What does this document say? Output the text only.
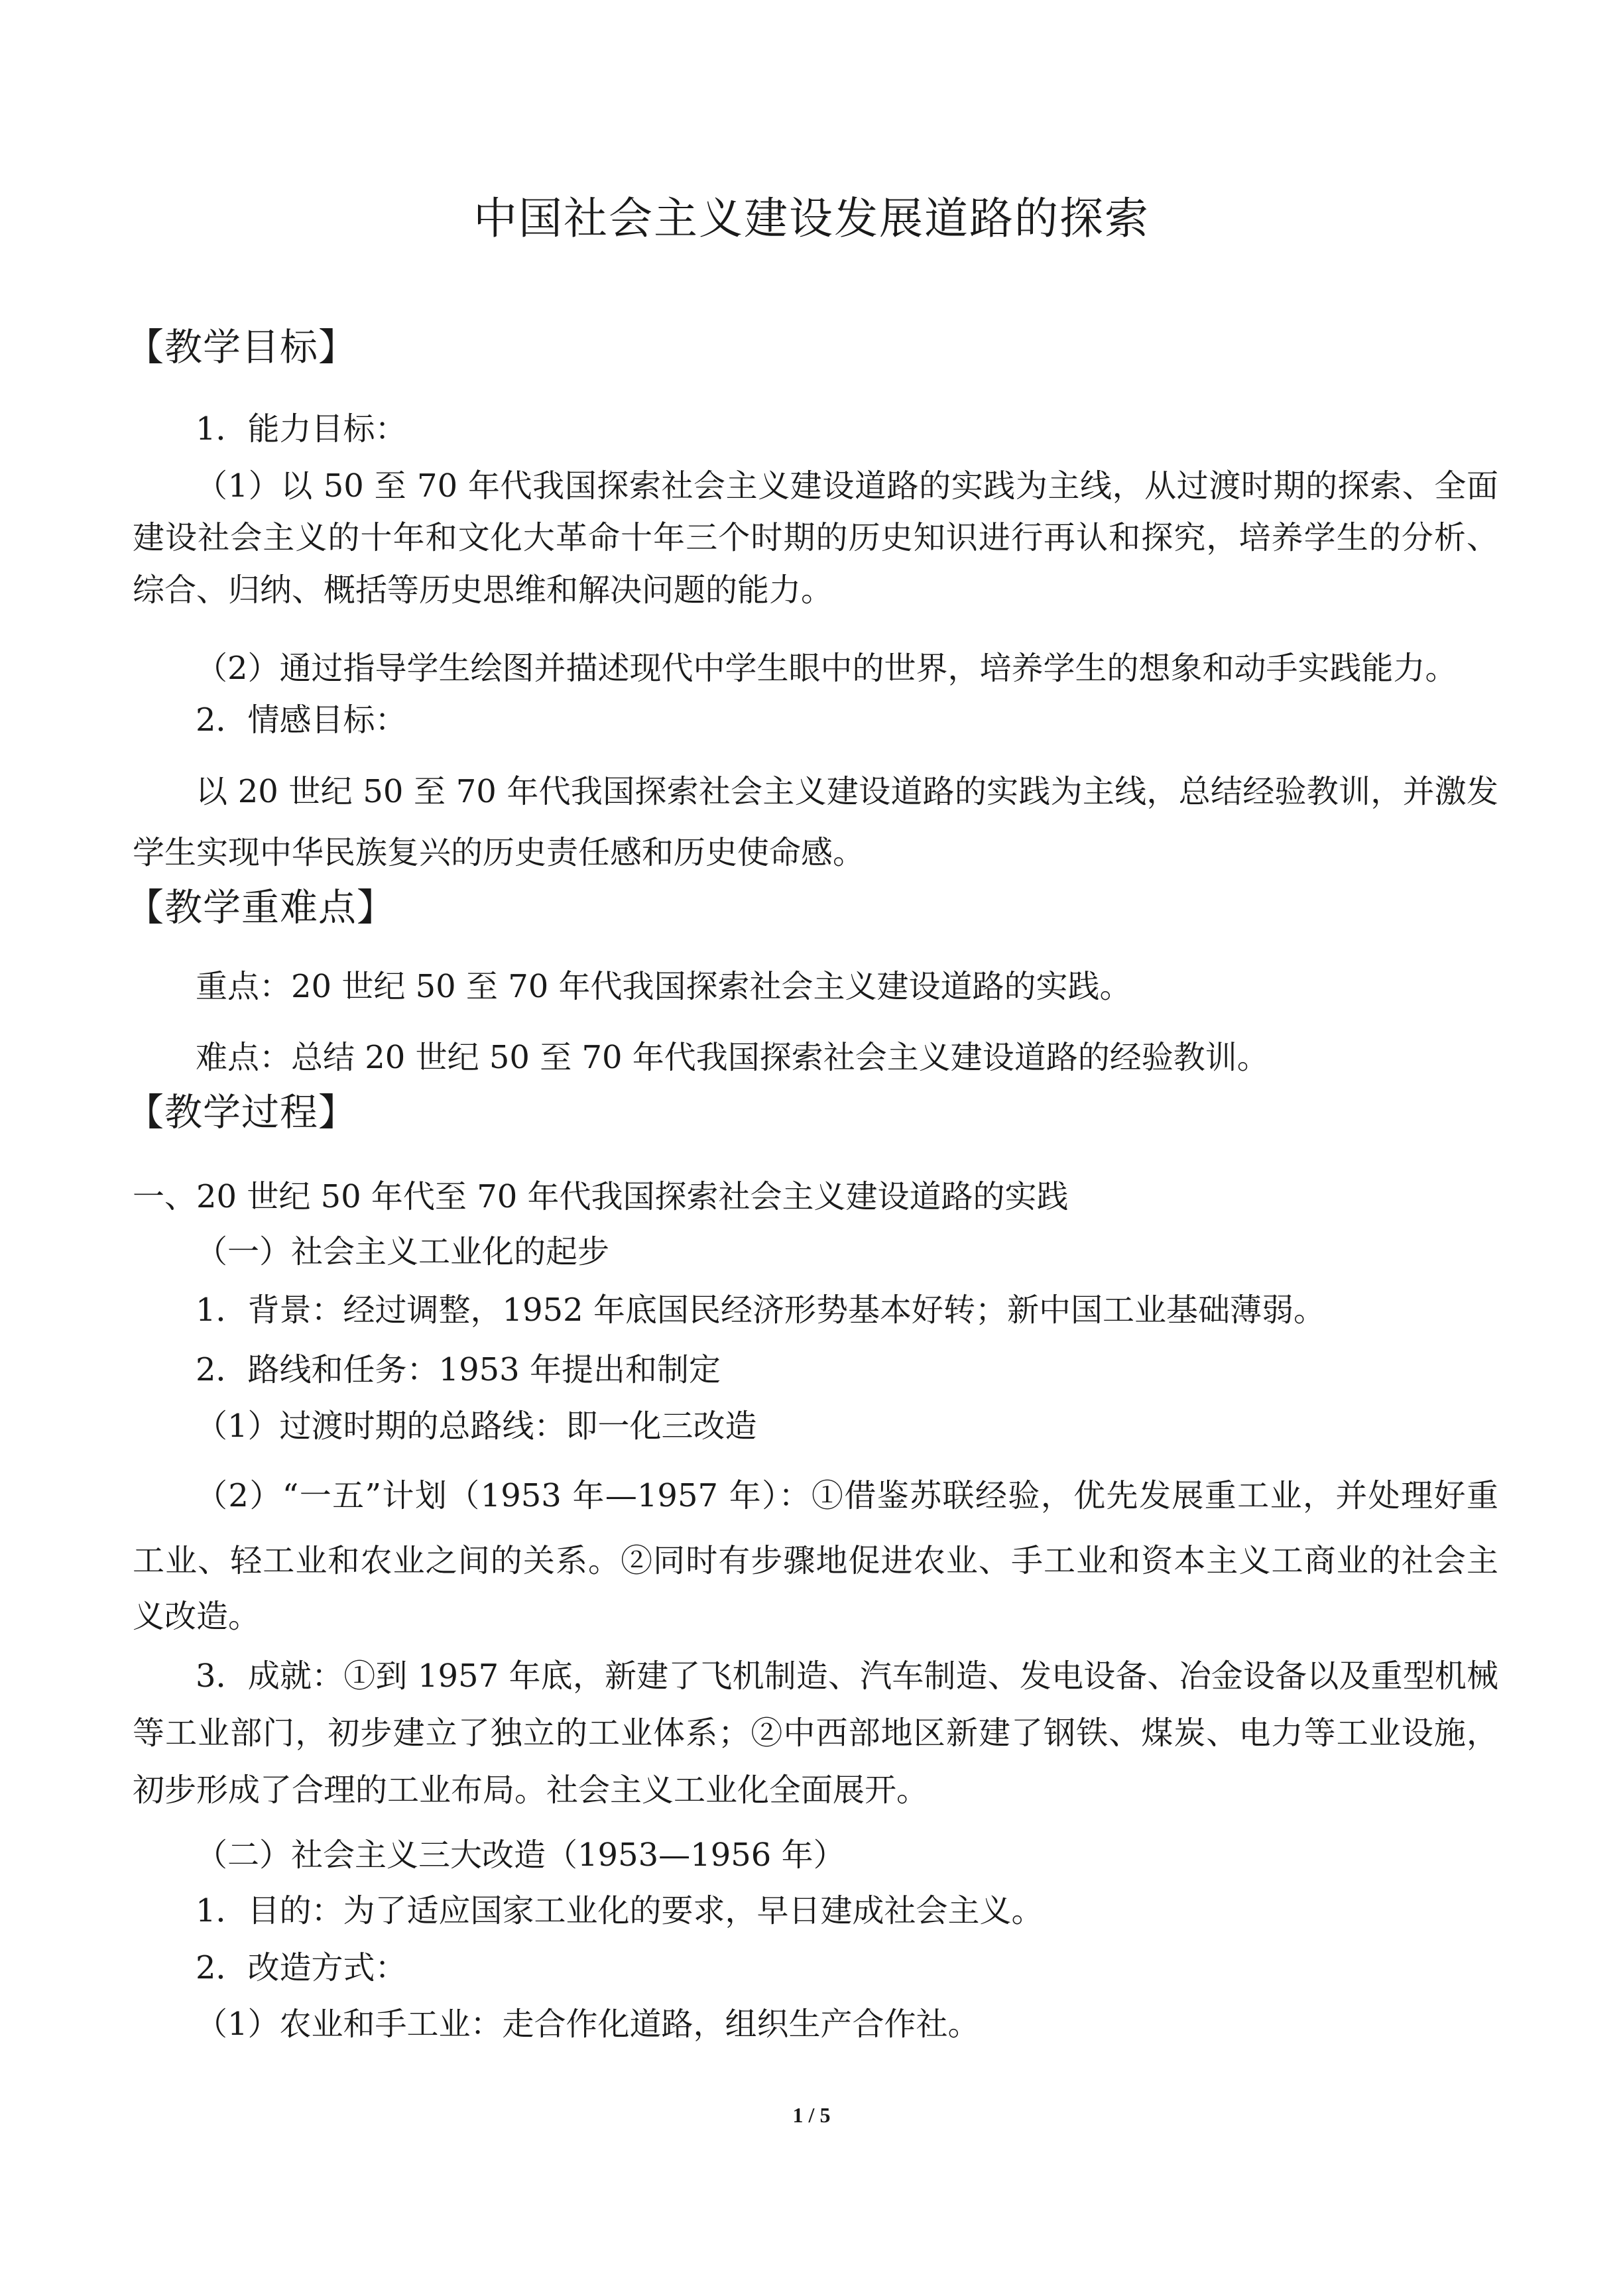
中国社会主义建设发展道路的探索
【教学目标】
1．能力目标：
（1）以 50 至 70 年代我国探索社会主义建设道路的实践为主线，从过渡时期的探索、全面
建设社会主义的十年和文化大革命十年三个时期的历史知识进行再认和探究，培养学生的分析、
综合、归纳、概括等历史思维和解决问题的能力。
（2）通过指导学生绘图并描述现代中学生眼中的世界，培养学生的想象和动手实践能力。
2．情感目标：
以 20 世纪 50 至 70 年代我国探索社会主义建设道路的实践为主线，总结经验教训，并激发
学生实现中华民族复兴的历史责任感和历史使命感。
【教学重难点】
重点：20 世纪 50 至 70 年代我国探索社会主义建设道路的实践。
难点：总结 20 世纪 50 至 70 年代我国探索社会主义建设道路的经验教训。
【教学过程】
一、20 世纪 50 年代至 70 年代我国探索社会主义建设道路的实践
（一）社会主义工业化的起步
1．背景：经过调整，1952 年底国民经济形势基本好转；新中国工业基础薄弱。
2．路线和任务：1953 年提出和制定
（1）过渡时期的总路线：即一化三改造
（2）“一五”计划（1953 年—1957 年）：①借鉴苏联经验，优先发展重工业，并处理好重
工业、轻工业和农业之间的关系。②同时有步骤地促进农业、手工业和资本主义工商业的社会主
义改造。
3．成就：①到 1957 年底，新建了飞机制造、汽车制造、发电设备、冶金设备以及重型机械
等工业部门，初步建立了独立的工业体系；②中西部地区新建了钢铁、煤炭、电力等工业设施，
初步形成了合理的工业布局。社会主义工业化全面展开。
（二）社会主义三大改造（1953—1956 年）
1．目的：为了适应国家工业化的要求，早日建成社会主义。
2．改造方式：
（1）农业和手工业：走合作化道路，组织生产合作社。
1 / 5
